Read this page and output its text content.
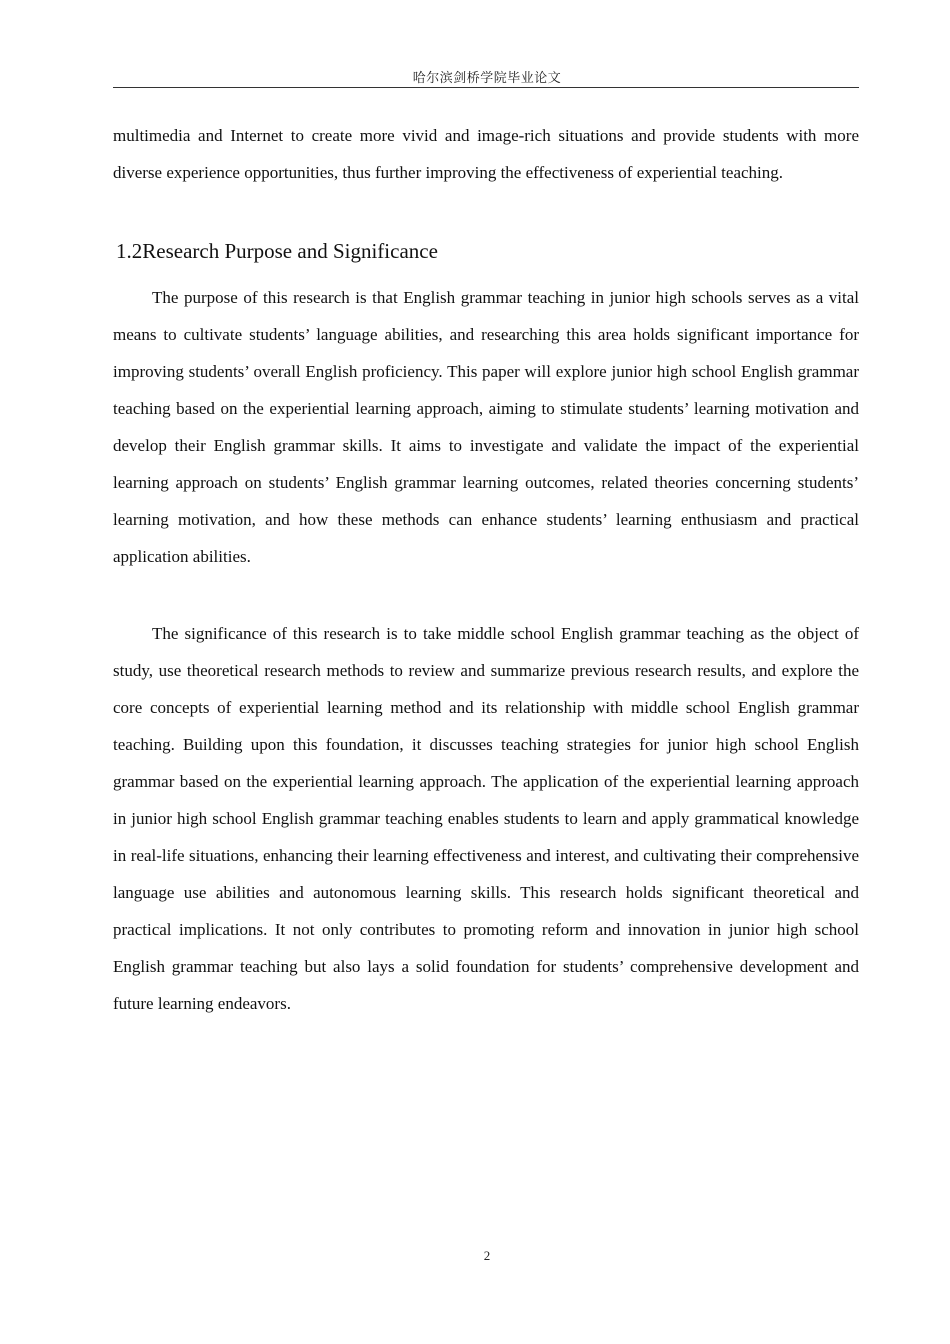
哈尔滨剑桥学院毕业论文

multimedia and Internet to create more vivid and image-rich situations and provide students with more diverse experience opportunities, thus further improving the effectiveness of experiential teaching.

1.2Research Purpose and Significance

The purpose of this research is that English grammar teaching in junior high schools serves as a vital means to cultivate students’ language abilities, and researching this area holds significant importance for improving students’ overall English proficiency. This paper will explore junior high school English grammar teaching based on the experiential learning approach, aiming to stimulate students’ learning motivation and develop their English grammar skills. It aims to investigate and validate the impact of the experiential learning approach on students’ English grammar learning outcomes, related theories concerning students’ learning motivation, and how these methods can enhance students’ learning enthusiasm and practical application abilities.

The significance of this research is to take middle school English grammar teaching as the object of study, use theoretical research methods to review and summarize previous research results, and explore the core concepts of experiential learning method and its relationship with middle school English grammar teaching. Building upon this foundation, it discusses teaching strategies for junior high school English grammar based on the experiential learning approach. The application of the experiential learning approach in junior high school English grammar teaching enables students to learn and apply grammatical knowledge in real-life situations, enhancing their learning effectiveness and interest, and cultivating their comprehensive language use abilities and autonomous learning skills. This research holds significant theoretical and practical implications. It not only contributes to promoting reform and innovation in junior high school English grammar teaching but also lays a solid foundation for students’ comprehensive development and future learning endeavors.

2
